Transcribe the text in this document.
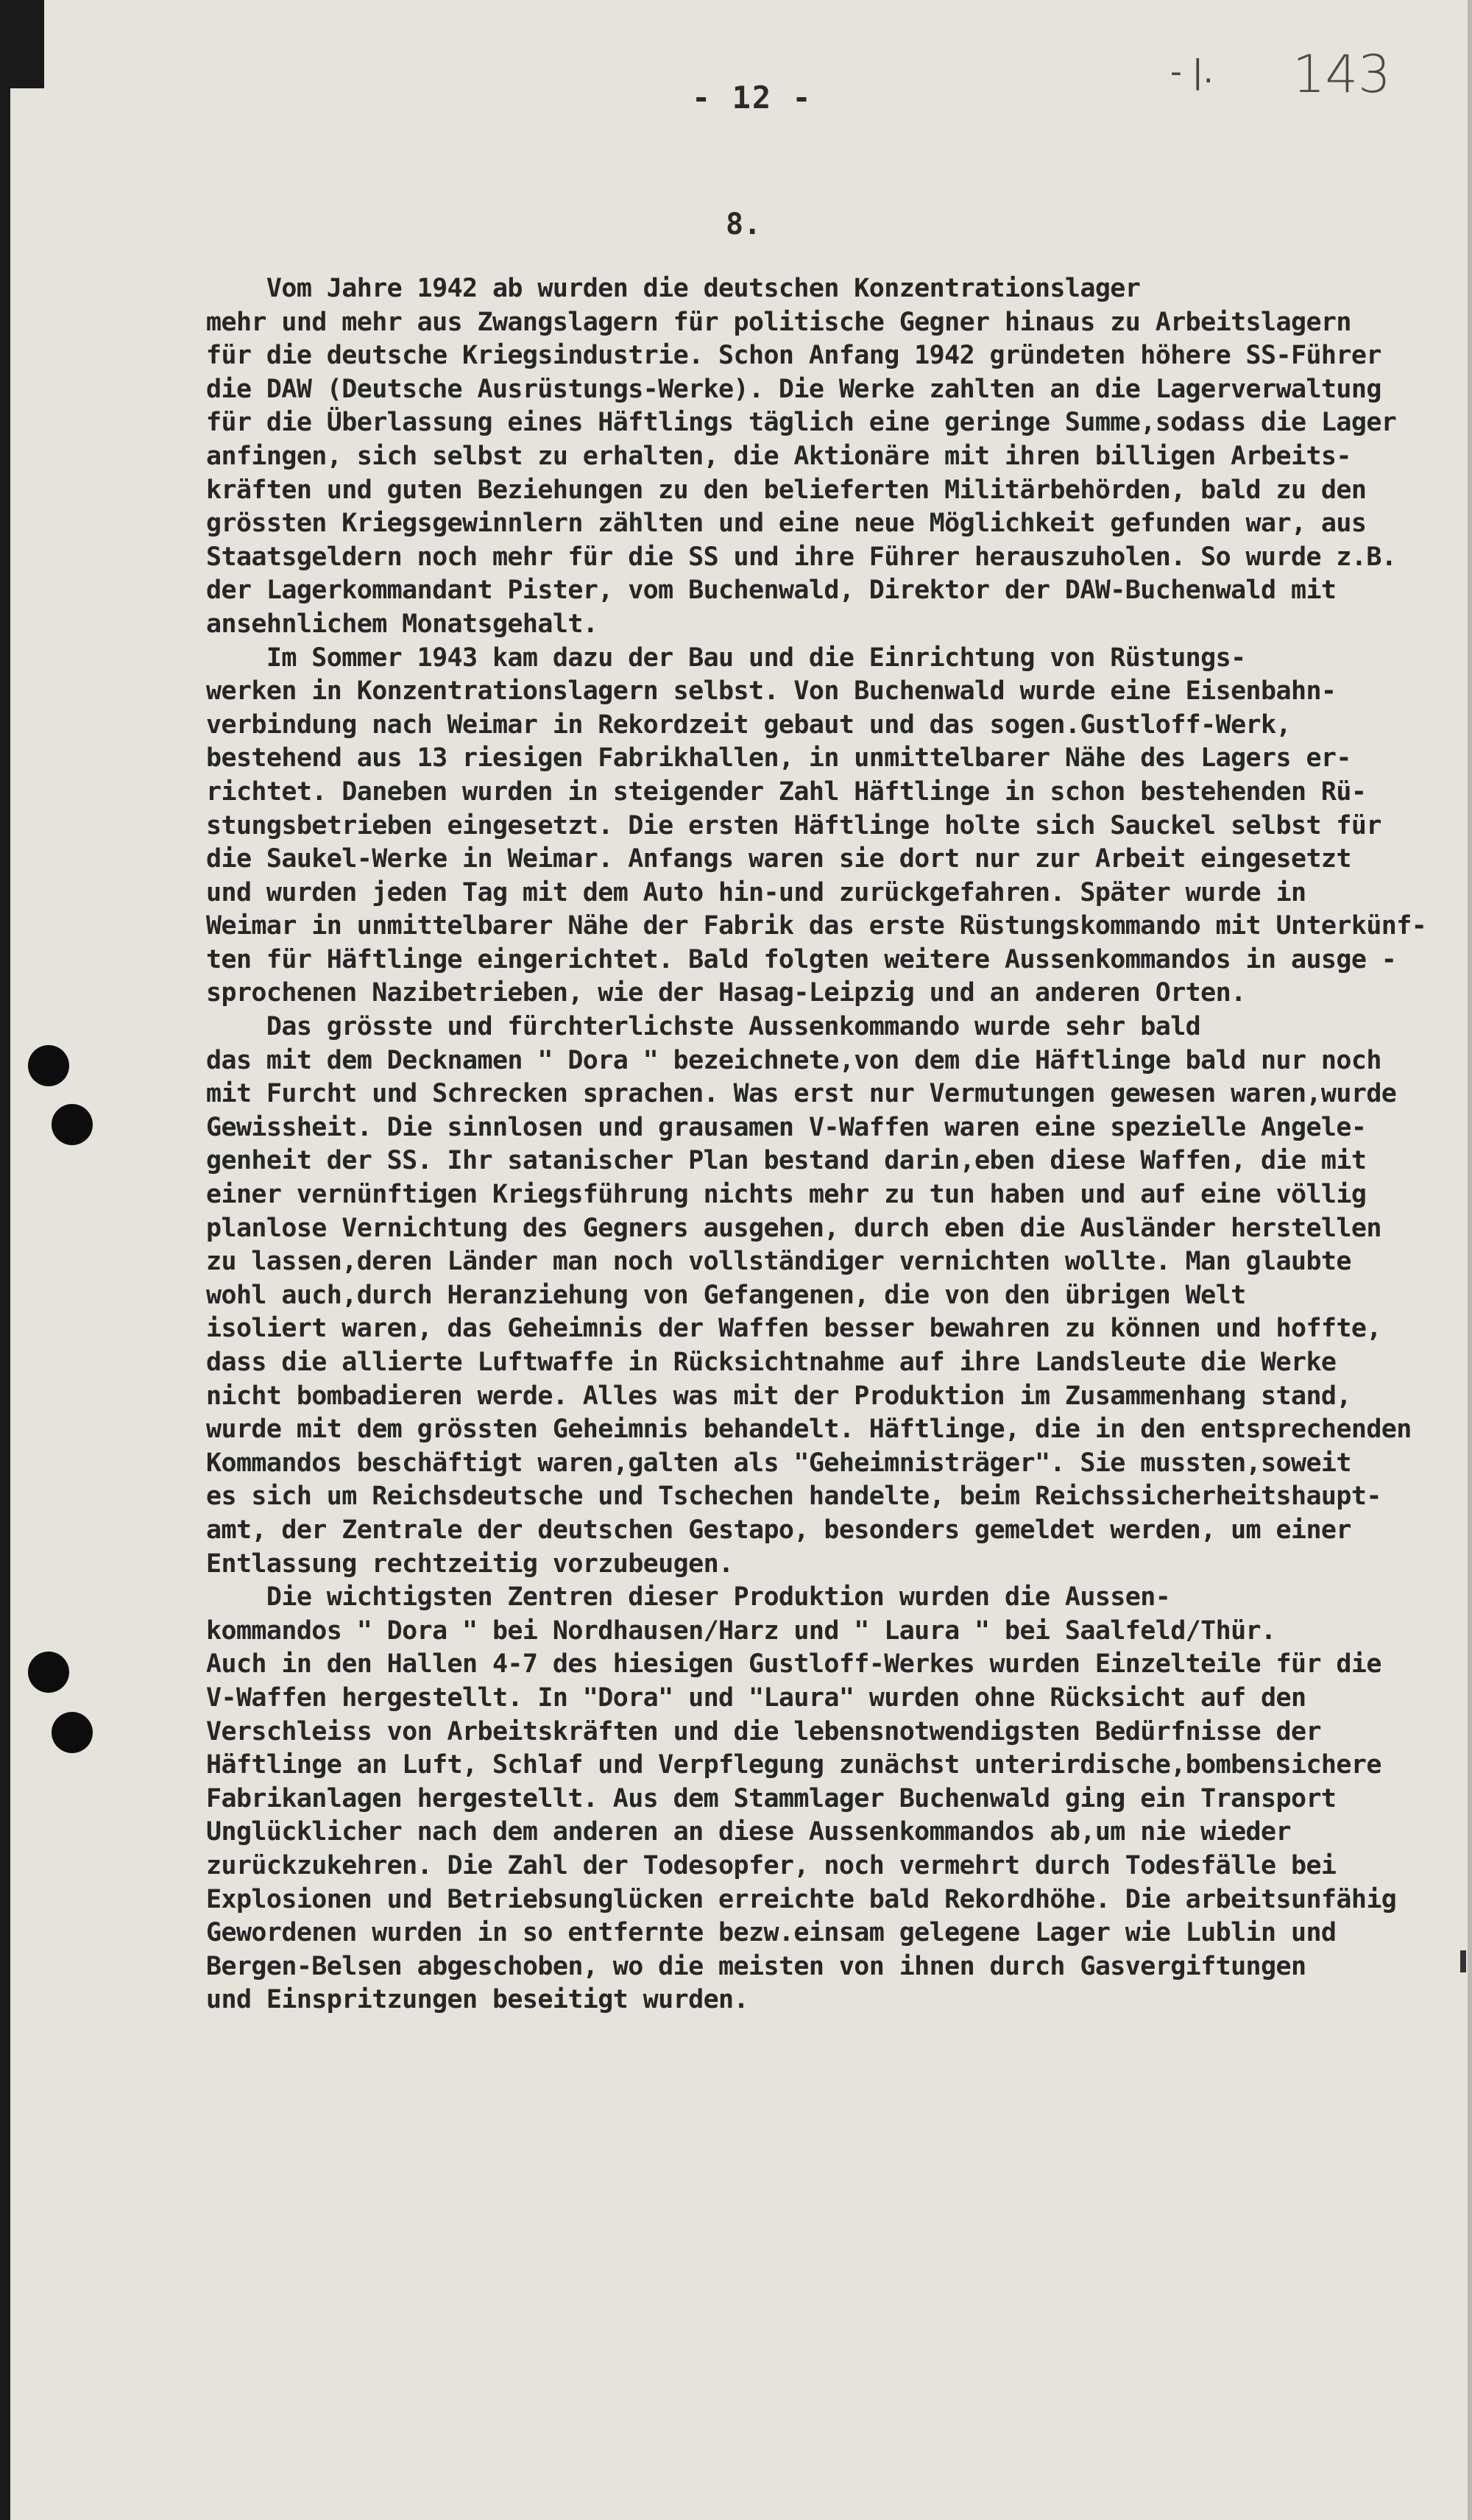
- 12 -
- |. 143
8.
Vom Jahre 1942 ab wurden die deutschen Konzentrationslager
mehr und mehr aus Zwangslagern für politische Gegner hinaus zu Arbeitslagern
für die deutsche Kriegsindustrie. Schon Anfang 1942 gründeten höhere SS-Führer
die DAW (Deutsche Ausrüstungs-Werke). Die Werke zahlten an die Lagerverwaltung
für die Überlassung eines Häftlings täglich eine geringe Summe,sodass die Lager
anfingen, sich selbst zu erhalten, die Aktionäre mit ihren billigen Arbeits-
kräften und guten Beziehungen zu den belieferten Militärbehörden, bald zu den
grössten Kriegsgewinnlern zählten und eine neue Möglichkeit gefunden war, aus
Staatsgeldern noch mehr für die SS und ihre Führer herauszuholen. So wurde z.B.
der Lagerkommandant Pister, vom Buchenwald, Direktor der DAW-Buchenwald mit
ansehnlichem Monatsgehalt.
Im Sommer 1943 kam dazu der Bau und die Einrichtung von Rüstungs-
werken in Konzentrationslagern selbst. Von Buchenwald wurde eine Eisenbahn-
verbindung nach Weimar in Rekordzeit gebaut und das sogen.Gustloff-Werk,
bestehend aus 13 riesigen Fabrikhallen, in unmittelbarer Nähe des Lagers er-
richtet. Daneben wurden in steigender Zahl Häftlinge in schon bestehenden Rü-
stungsbetrieben eingesetzt. Die ersten Häftlinge holte sich Sauckel selbst für
die Saukel-Werke in Weimar. Anfangs waren sie dort nur zur Arbeit eingesetzt
und wurden jeden Tag mit dem Auto hin-und zurückgefahren. Später wurde in
Weimar in unmittelbarer Nähe der Fabrik das erste Rüstungskommando mit Unterkünf-
ten für Häftlinge eingerichtet. Bald folgten weitere Aussenkommandos in ausge -
sprochenen Nazibetrieben, wie der Hasag-Leipzig und an anderen Orten.
Das grösste und fürchterlichste Aussenkommando wurde sehr bald
das mit dem Decknamen " Dora " bezeichnete,von dem die Häftlinge bald nur noch
mit Furcht und Schrecken sprachen. Was erst nur Vermutungen gewesen waren,wurde
Gewissheit. Die sinnlosen und grausamen V-Waffen waren eine spezielle Angele-
genheit der SS. Ihr satanischer Plan bestand darin,eben diese Waffen, die mit
einer vernünftigen Kriegsführung nichts mehr zu tun haben und auf eine völlig
planlose Vernichtung des Gegners ausgehen, durch eben die Ausländer herstellen
zu lassen,deren Länder man noch vollständiger vernichten wollte. Man glaubte
wohl auch,durch Heranziehung von Gefangenen, die von den übrigen Welt
isoliert waren, das Geheimnis der Waffen besser bewahren zu können und hoffte,
dass die allierte Luftwaffe in Rücksichtnahme auf ihre Landsleute die Werke
nicht bombadieren werde. Alles was mit der Produktion im Zusammenhang stand,
wurde mit dem grössten Geheimnis behandelt. Häftlinge, die in den entsprechenden
Kommandos beschäftigt waren,galten als "Geheimnisträger". Sie mussten,soweit
es sich um Reichsdeutsche und Tschechen handelte, beim Reichssicherheitshaupt-
amt, der Zentrale der deutschen Gestapo, besonders gemeldet werden, um einer
Entlassung rechtzeitig vorzubeugen.
Die wichtigsten Zentren dieser Produktion wurden die Aussen-
kommandos " Dora " bei Nordhausen/Harz und " Laura " bei Saalfeld/Thür.
Auch in den Hallen 4-7 des hiesigen Gustloff-Werkes wurden Einzelteile für die
V-Waffen hergestellt. In "Dora" und "Laura" wurden ohne Rücksicht auf den
Verschleiss von Arbeitskräften und die lebensnotwendigsten Bedürfnisse der
Häftlinge an Luft, Schlaf und Verpflegung zunächst unterirdische,bombensichere
Fabrikanlagen hergestellt. Aus dem Stammlager Buchenwald ging ein Transport
Unglücklicher nach dem anderen an diese Aussenkommandos ab,um nie wieder
zurückzukehren. Die Zahl der Todesopfer, noch vermehrt durch Todesfälle bei
Explosionen und Betriebsunglücken erreichte bald Rekordhöhe. Die arbeitsunfähig
Gewordenen wurden in so entfernte bezw.einsam gelegene Lager wie Lublin und
Bergen-Belsen abgeschoben, wo die meisten von ihnen durch Gasvergiftungen
und Einspritzungen beseitigt wurden.
